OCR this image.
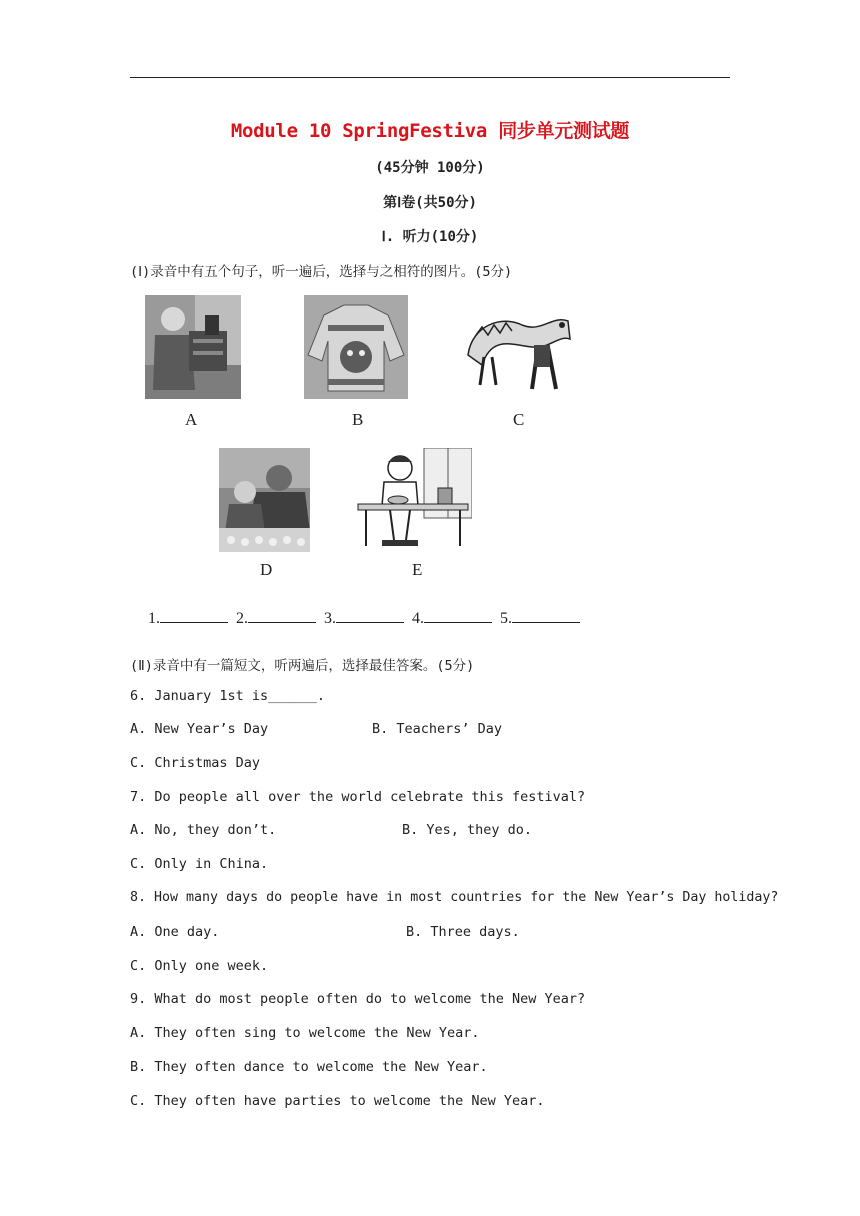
Module 10 SpringFestiva 同步单元测试题
(45分钟 100分)
第Ⅰ卷(共50分)
Ⅰ. 听力(10分)
(Ⅰ)录音中有五个句子，听一遍后，选择与之相符的图片。(5分)
A	B	C
D	E
1.	2.	3.	4.	5.
(Ⅱ)录音中有一篇短文，听两遍后，选择最佳答案。(5分)
6. January 1st is______.
A. New Year’s Day	B. Teachers’ Day
C. Christmas Day
7. Do people all over the world celebrate this festival?
A. No, they don’t.	B. Yes, they do.
C. Only in China.
8. How many days do people have in most countries for the New Year’s Day holiday?
A. One day.	B. Three days.
C. Only one week.
9. What do most people often do to welcome the New Year?
A. They often sing to welcome the New Year.
B. They often dance to welcome the New Year.
C. They often have parties to welcome the New Year.
